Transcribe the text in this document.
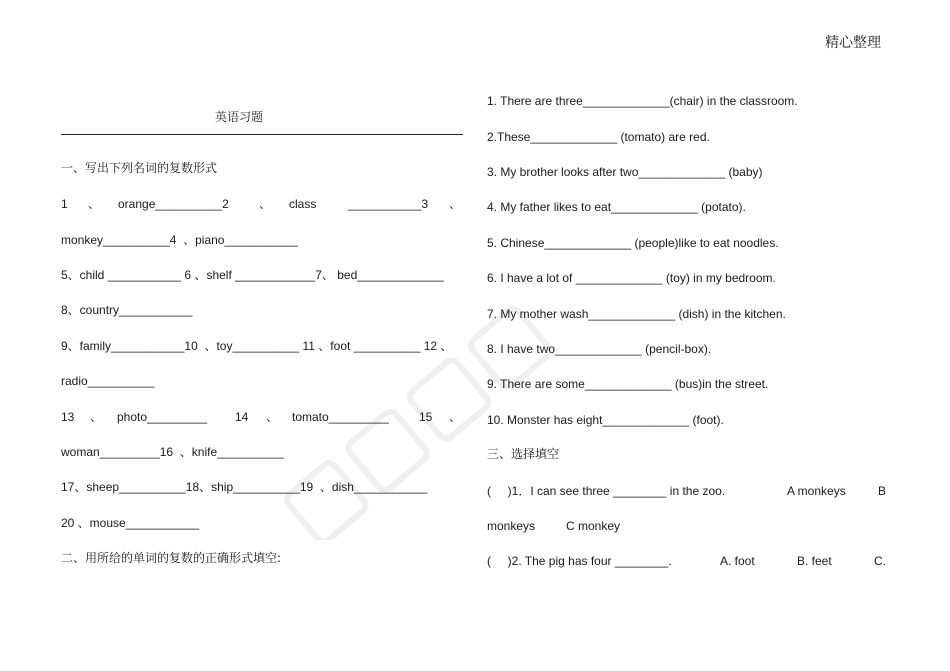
精心整理
英语习题
一、写出下列名词的复数形式
1 、 orange__________2	、 class	___________3 、
monkey__________4  、piano___________
5、child ___________ 6 、shelf ____________7、 bed_____________
8、country___________
9、family___________10  、toy__________ 11 、foot __________ 12 、
radio__________
13 、 photo_________ 14 、 tomato_________	15 、
woman_________16  、knife__________
17、sheep__________18、ship__________19  、dish___________
20 、mouse___________
二、用所给的单词的复数的正确形式填空:
1. There are three_____________(chair) in the classroom.
2.These_____________ (tomato) are red.
3. My brother looks after two_____________ (baby)
4. My father likes to eat_____________ (potato).
5. Chinese_____________ (people)like to eat noodles.
6. I have a lot of _____________ (toy) in my bedroom.
7. My mother wash_____________ (dish) in the kitchen.
8. I have two_____________ (pencil-box).
9. There are some_____________ (bus)in the street.
10. Monster has eight_____________ (foot).
三、选择填空
(     )1．I can see three ________ in the zoo.	A monkeys	B
monkeys	C monkey
(     )2. The pig has four ________.	A. foot	B. feet	C.
